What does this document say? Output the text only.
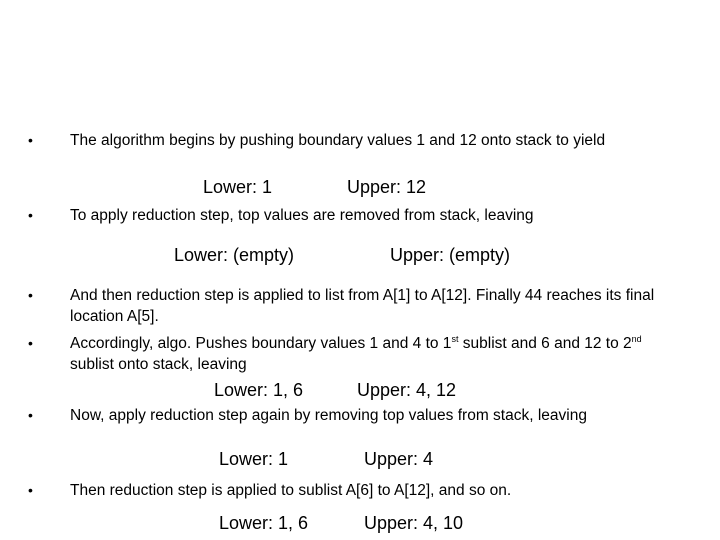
•	The algorithm begins by pushing boundary values 1 and 12 onto stack to yield
Lower: 1	Upper: 12
•	To apply reduction step, top values are removed from stack, leaving
Lower: (empty)	Upper: (empty)
•	And then reduction step is applied to list from A[1] to A[12]. Finally 44 reaches its final location A[5].
•	Accordingly, algo. Pushes boundary values 1 and 4 to 1st sublist and 6 and 12 to 2nd sublist onto stack, leaving
Lower: 1, 6	Upper: 4, 12
•	Now, apply reduction step again by removing top values from stack, leaving
Lower: 1	Upper: 4
•	Then reduction step is applied to sublist A[6] to A[12], and so on.
Lower: 1, 6	Upper: 4, 10
